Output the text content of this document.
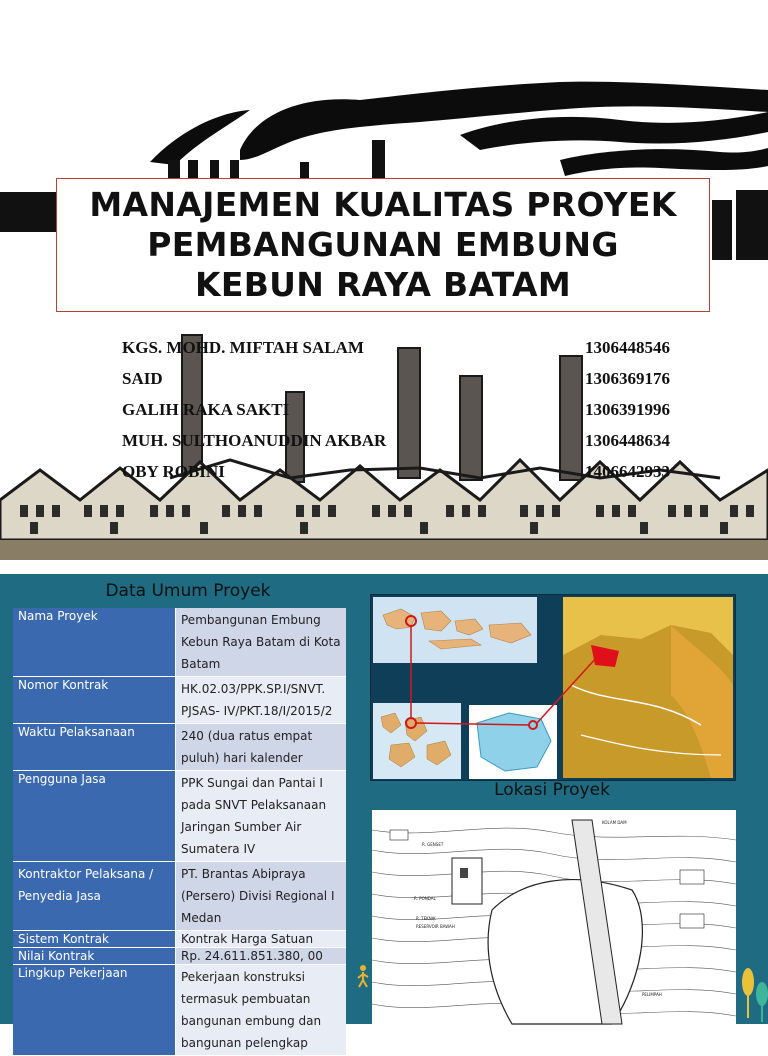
MANAJEMEN KUALITAS PROYEK
PEMBANGUNAN EMBUNG
KEBUN RAYA BATAM
KGS. MOHD. MIFTAH SALAM	1306448546
SAID	1306369176
GALIH RAKA SAKTI	1306391996
MUH. SULTHOANUDDIN AKBAR	1306448634
OBY ROBINI	1406642933
Data Umum Proyek
Nama Proyek	Pembangunan Embung Kebun Raya Batam di Kota Batam
Nomor Kontrak	HK.02.03/PPK.SP.I/SNVT. PJSAS- IV/PKT.18/I/2015/2
Waktu Pelaksanaan	240 (dua ratus empat puluh) hari kalender
Pengguna Jasa	PPK Sungai dan Pantai I pada SNVT Pelaksanaan Jaringan Sumber Air Sumatera IV
Kontraktor Pelaksana / Penyedia Jasa	PT. Brantas Abipraya (Persero) Divisi Regional I Medan
Sistem Kontrak	Kontrak Harga Satuan
Nilai Kontrak	Rp. 24.611.851.380, 00
Lingkup Pekerjaan	Pekerjaan konstruksi termasuk pembuatan bangunan embung dan bangunan pelengkap
Lokasi Proyek
KOLAM DAM
R. GENSET
R. PONDAL
R. TEKNIK
RESERVOIR BAWAH
PELIMPAH
